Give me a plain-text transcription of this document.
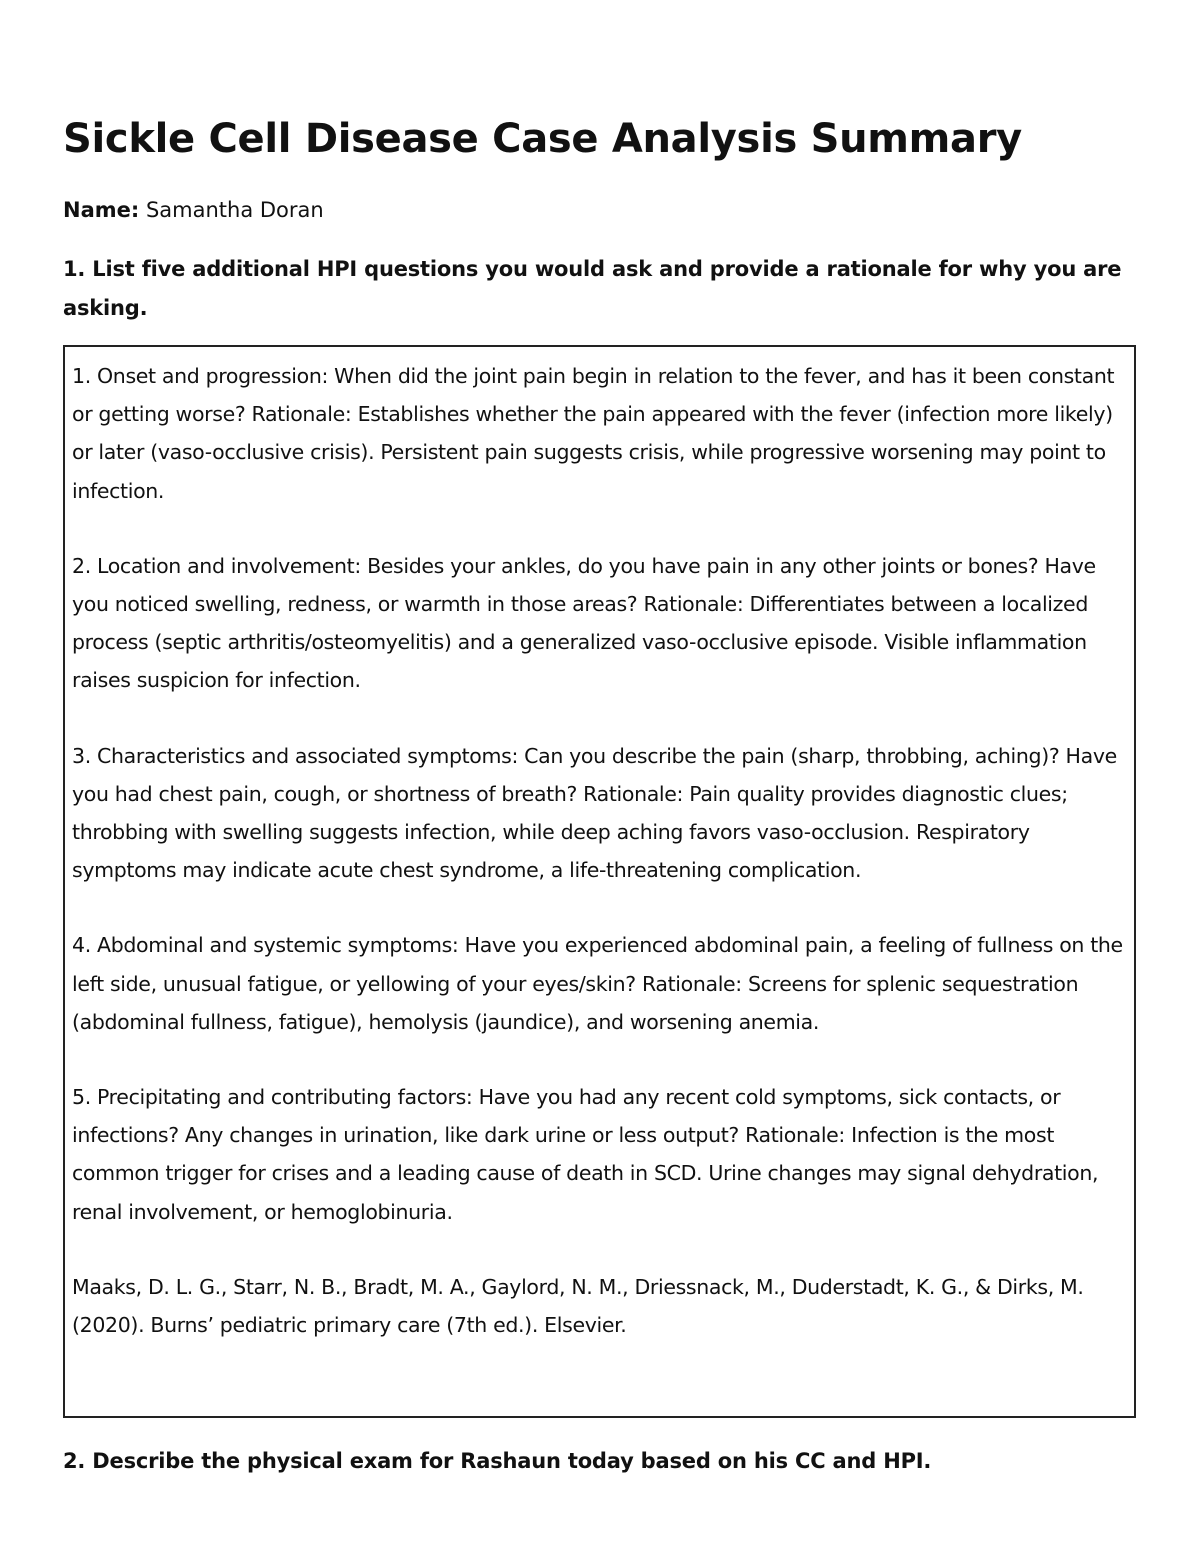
Sickle Cell Disease Case Analysis Summary

Name: Samantha Doran

1. List five additional HPI questions you would ask and provide a rationale for why you are asking.

1. Onset and progression: When did the joint pain begin in relation to the fever, and has it been constant or getting worse? Rationale: Establishes whether the pain appeared with the fever (infection more likely) or later (vaso-occlusive crisis). Persistent pain suggests crisis, while progressive worsening may point to infection.

2. Location and involvement: Besides your ankles, do you have pain in any other joints or bones? Have you noticed swelling, redness, or warmth in those areas? Rationale: Differentiates between a localized process (septic arthritis/osteomyelitis) and a generalized vaso-occlusive episode. Visible inflammation raises suspicion for infection.

3. Characteristics and associated symptoms: Can you describe the pain (sharp, throbbing, aching)? Have you had chest pain, cough, or shortness of breath? Rationale: Pain quality provides diagnostic clues; throbbing with swelling suggests infection, while deep aching favors vaso-occlusion. Respiratory symptoms may indicate acute chest syndrome, a life-threatening complication.

4. Abdominal and systemic symptoms: Have you experienced abdominal pain, a feeling of fullness on the left side, unusual fatigue, or yellowing of your eyes/skin? Rationale: Screens for splenic sequestration (abdominal fullness, fatigue), hemolysis (jaundice), and worsening anemia.

5. Precipitating and contributing factors: Have you had any recent cold symptoms, sick contacts, or infections? Any changes in urination, like dark urine or less output? Rationale: Infection is the most common trigger for crises and a leading cause of death in SCD. Urine changes may signal dehydration, renal involvement, or hemoglobinuria.

Maaks, D. L. G., Starr, N. B., Bradt, M. A., Gaylord, N. M., Driessnack, M., Duderstadt, K. G., & Dirks, M. (2020). Burns’ pediatric primary care (7th ed.). Elsevier.

2. Describe the physical exam for Rashaun today based on his CC and HPI.
